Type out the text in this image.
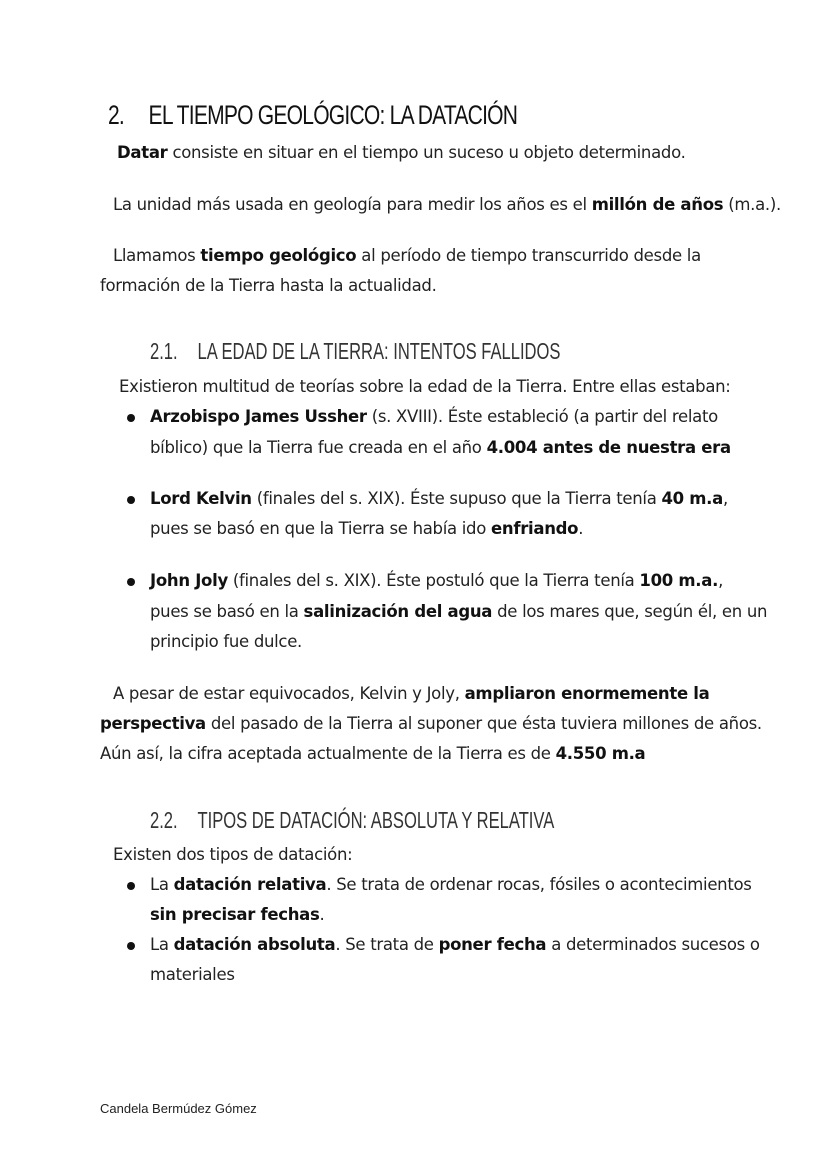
2. EL TIEMPO GEOLÓGICO: LA DATACIÓN
Datar consiste en situar en el tiempo un suceso u objeto determinado.
La unidad más usada en geología para medir los años es el millón de años (m.a.).
Llamamos tiempo geológico al período de tiempo transcurrido desde la
formación de la Tierra hasta la actualidad.
2.1. LA EDAD DE LA TIERRA: INTENTOS FALLIDOS
Existieron multitud de teorías sobre la edad de la Tierra. Entre ellas estaban:
Arzobispo James Ussher (s. XVIII). Éste estableció (a partir del relato
bíblico) que la Tierra fue creada en el año 4.004 antes de nuestra era
Lord Kelvin (finales del s. XIX). Éste supuso que la Tierra tenía 40 m.a,
pues se basó en que la Tierra se había ido enfriando.
John Joly (finales del s. XIX). Éste postuló que la Tierra tenía 100 m.a.,
pues se basó en la salinización del agua de los mares que, según él, en un
principio fue dulce.
A pesar de estar equivocados, Kelvin y Joly, ampliaron enormemente la
perspectiva del pasado de la Tierra al suponer que ésta tuviera millones de años.
Aún así, la cifra aceptada actualmente de la Tierra es de 4.550 m.a
2.2. TIPOS DE DATACIÓN: ABSOLUTA Y RELATIVA
Existen dos tipos de datación:
La datación relativa. Se trata de ordenar rocas, fósiles o acontecimientos
sin precisar fechas.
La datación absoluta. Se trata de poner fecha a determinados sucesos o
materiales
Candela Bermúdez Gómez
